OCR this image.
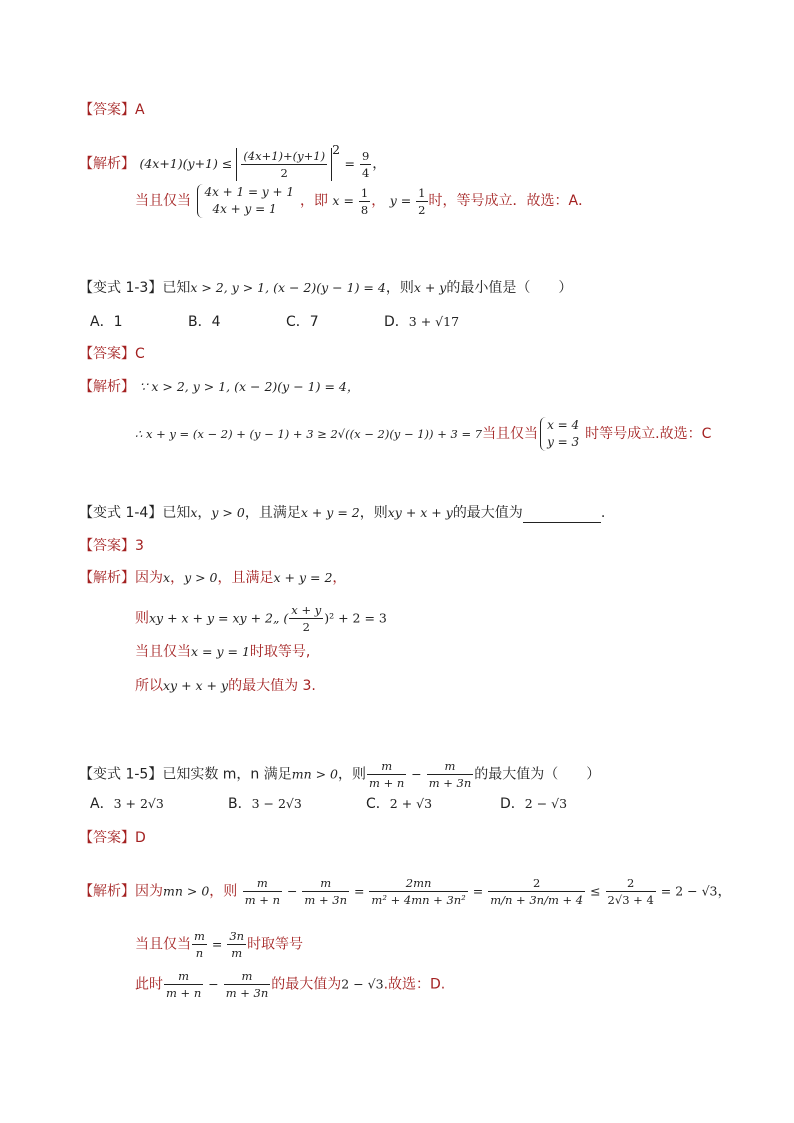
【答案】A
【解析】 $(4x+1)(y+1) \le \frac{(4x+1)+(y+1)}{2} ^2 = \frac{9}{4}$ ，
当且仅当
4x + 1 = y + 1
4x + y = 1	，即 $x = \frac{1}{8}$ ， $y = \frac{1}{2}$ 时，等号成立．故选：A．
【变式 1-3】已知x > 2, y > 1, (x − 2)(y − 1) = 4，则x + y的最小值是（　　）
A．1	B．4	C．7	D．3 + √17
【答案】C
【解析】 ∵ x > 2, y > 1, (x − 2)(y − 1) = 4，
∴ x + y = (x − 2) + (y − 1) + 3 ≥ 2√((x − 2)(y − 1)) + 3 = 7当且仅当
x = 4
y = 3 时等号成立.故选：C
【变式 1-4】已知x，y > 0，且满足x + y = 2，则xy + x + y的最大值为	.
【答案】3
【解析】因为x，y > 0，且满足x + y = 2，
则xy + x + y = xy + 2„ ( $\frac{x + y}{2} )^2 + 2 = 3$
当且仅当x = y = 1时取等号,
所以xy + x + y的最大值为 3.
【变式 1-5】已知实数 m，n 满足mn > 0，则 $\frac{m}{m + n} - \frac{m}{m + 3n}$ 的最大值为（　　）
A．3 + 2√3	B．3 − 2√3	C．2 + √3	D．2 − √3
【答案】D
【解析】因为mn > 0，则 $\frac{m}{m + n} - \frac{m}{m + 3n} = \frac{2mn}{\text{m² + 4mn + 3n²}} = \frac{2}{m/n + 3n/m + 4} \le \frac{2}{2√3 + 4} = 2 - √3$，
当且仅当 $\frac{m}{n} = \frac{3n}{m}$ 时取等号
此时 $\frac{m}{m + n} - \frac{m}{m + 3n}$ 的最大值为2 − √3.故选：D.
